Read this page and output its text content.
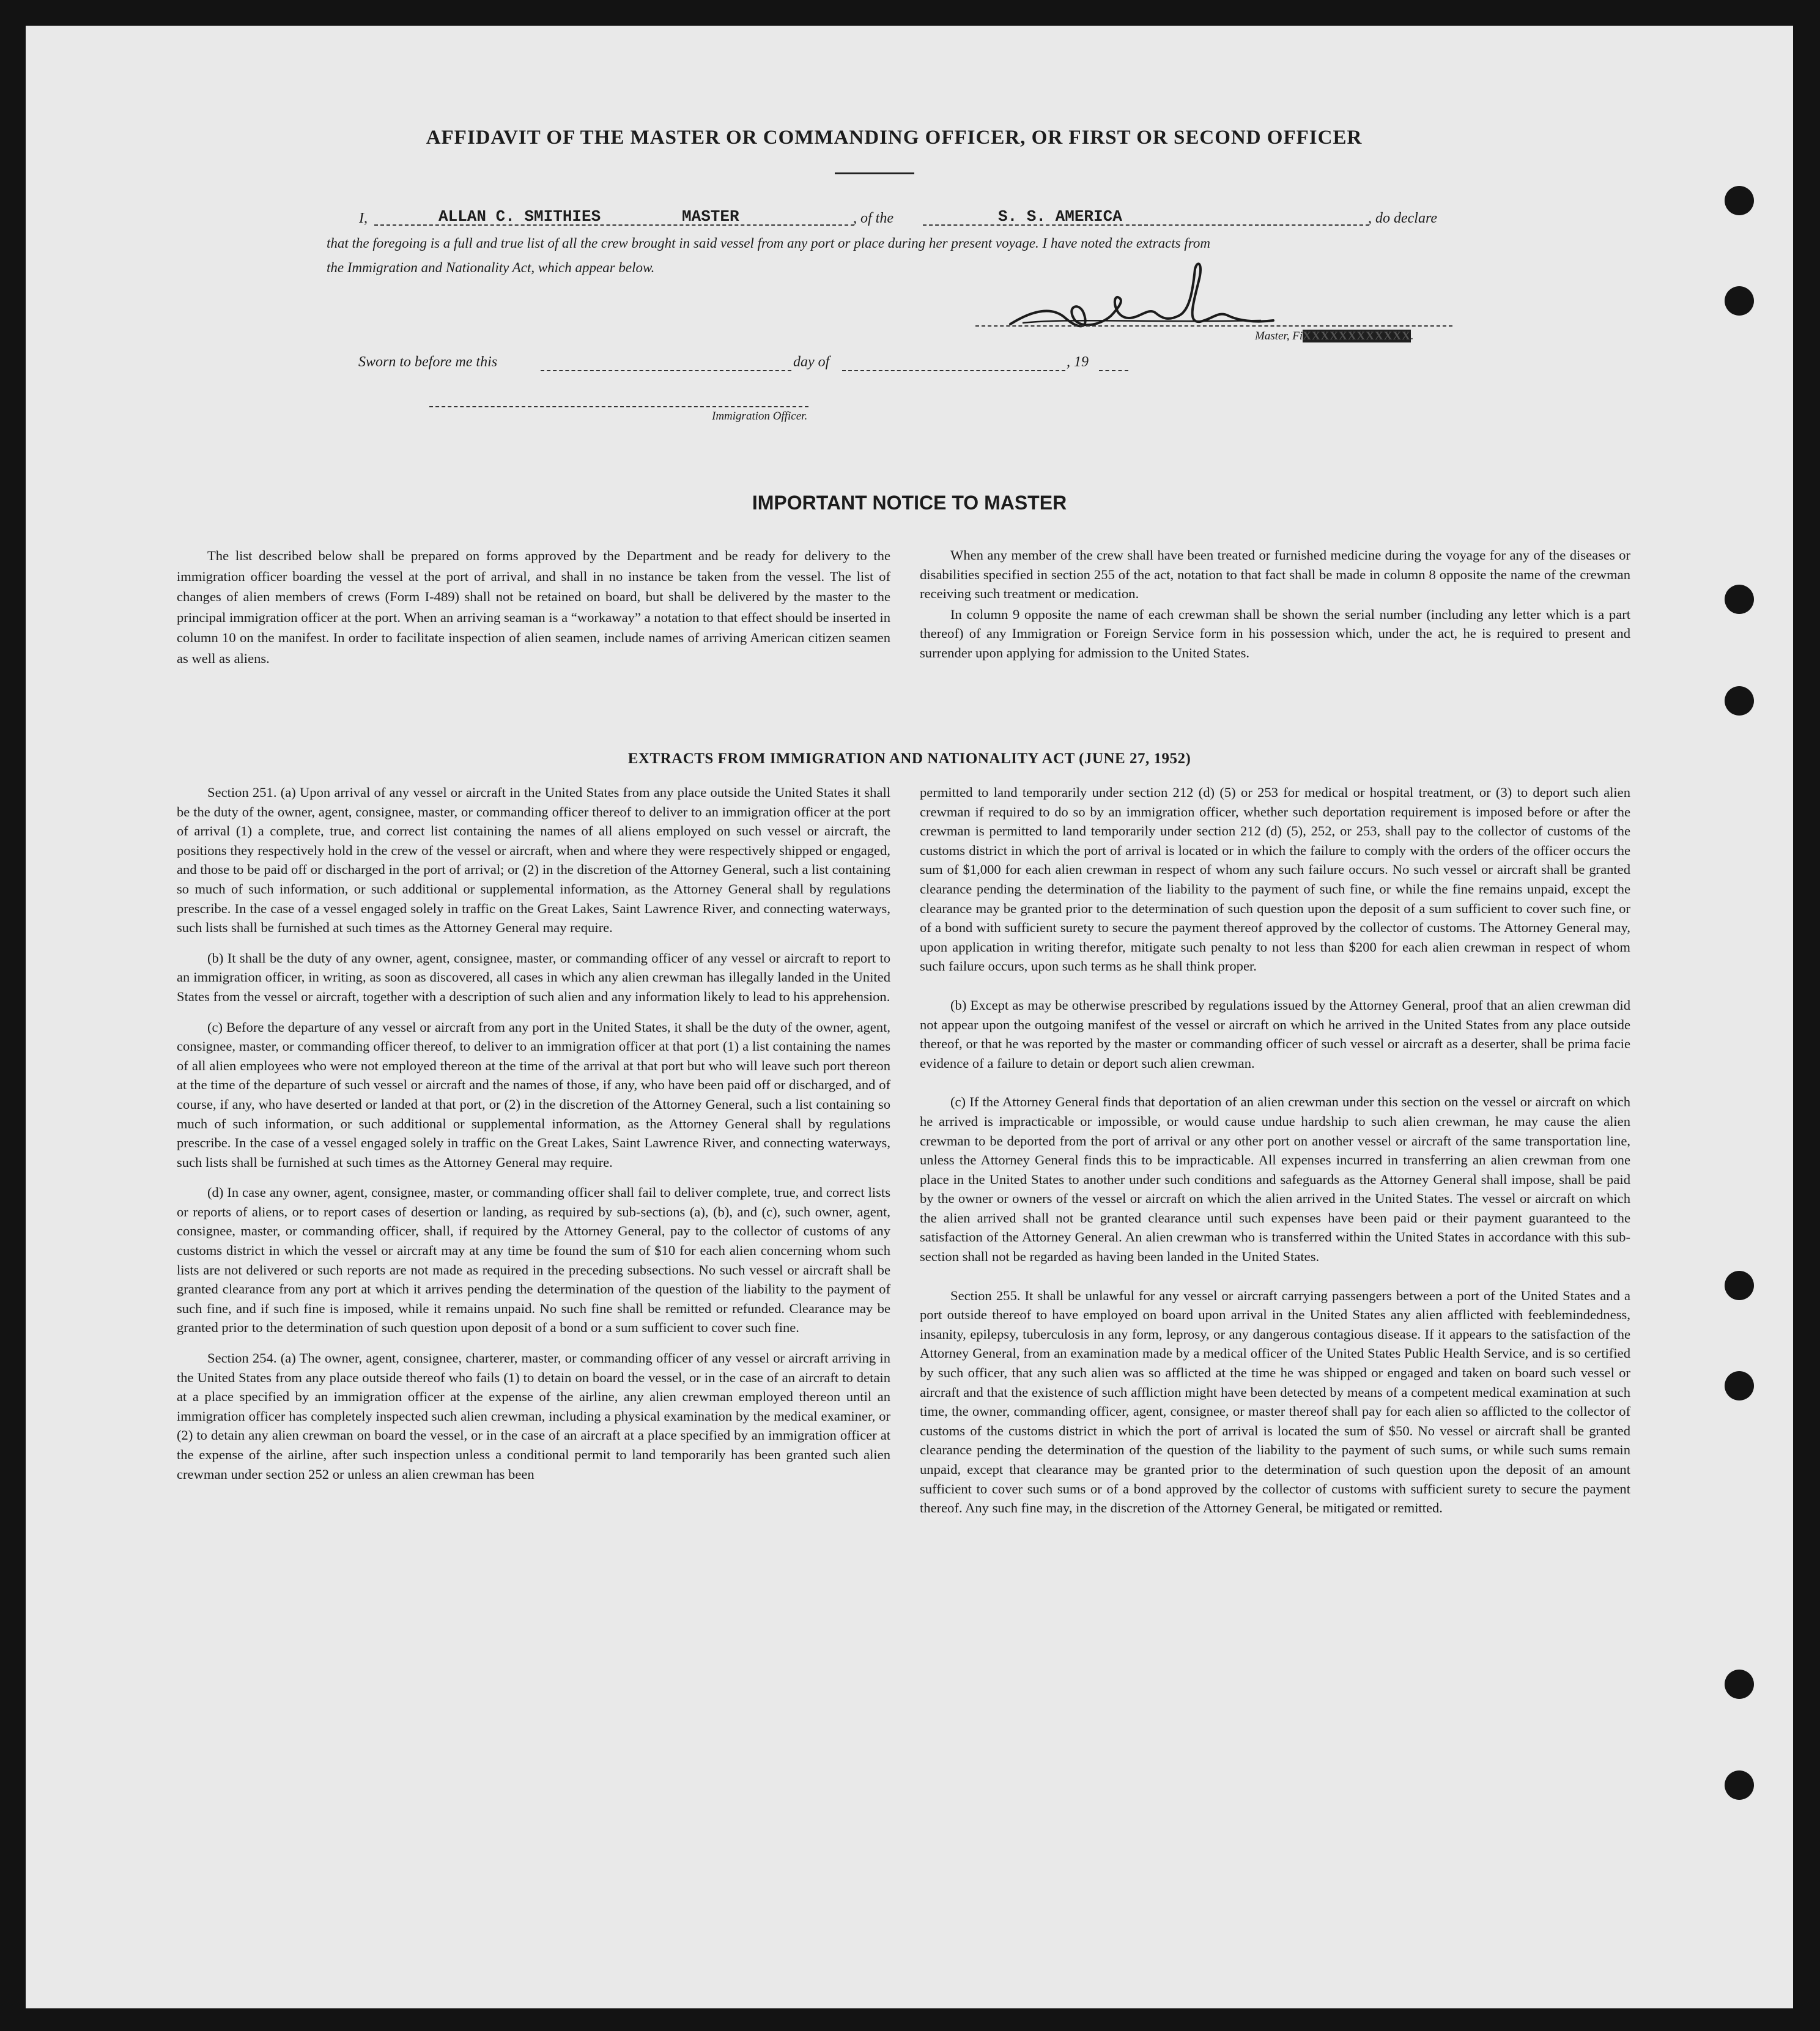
AFFIDAVIT OF THE MASTER OR COMMANDING OFFICER, OR FIRST OR SECOND OFFICER
I,	ALLAN C. SMITHIES	MASTER	, of the	S. S. AMERICA	, do declare
that the foregoing is a full and true list of all the crew brought in said vessel from any port or place during her present voyage. I have noted the extracts from
the Immigration and Nationality Act, which appear below.
Master, FiXXXXXXXXXXXX.
Sworn to before me this	day of	, 19
Immigration Officer.
IMPORTANT NOTICE TO MASTER

The list described below shall be prepared on forms approved by the Department and be ready for delivery to the immigration officer boarding the vessel at the port of arrival, and shall in no instance be taken from the vessel. The list of changes of alien members of crews (Form I-489) shall not be retained on board, but shall be delivered by the master to the principal immigration officer at the port. When an arriving seaman is a “workaway” a notation to that effect should be inserted in column 10 on the manifest. In order to facilitate inspection of alien seamen, include names of arriving American citizen seamen as well as aliens.

When any member of the crew shall have been treated or furnished medicine during the voyage for any of the diseases or disabilities specified in section 255 of the act, notation to that fact shall be made in column 8 opposite the name of the crewman receiving such treatment or medication.

In column 9 opposite the name of each crewman shall be shown the serial number (including any letter which is a part thereof) of any Immigration or Foreign Service form in his possession which, under the act, he is required to present and surrender upon applying for admission to the United States.

EXTRACTS FROM IMMIGRATION AND NATIONALITY ACT (JUNE 27, 1952)

Section 251. (a) Upon arrival of any vessel or aircraft in the United States from any place outside the United States it shall be the duty of the owner, agent, consignee, master, or commanding officer thereof to deliver to an immigration officer at the port of arrival (1) a complete, true, and correct list containing the names of all aliens employed on such vessel or aircraft, the positions they respectively hold in the crew of the vessel or aircraft, when and where they were respectively shipped or engaged, and those to be paid off or discharged in the port of arrival; or (2) in the discretion of the Attorney General, such a list containing so much of such information, or such additional or supplemental information, as the Attorney General shall by regulations prescribe. In the case of a vessel engaged solely in traffic on the Great Lakes, Saint Lawrence River, and connecting waterways, such lists shall be furnished at such times as the Attorney General may require.

(b) It shall be the duty of any owner, agent, consignee, master, or commanding officer of any vessel or aircraft to report to an immigration officer, in writing, as soon as discovered, all cases in which any alien crewman has illegally landed in the United States from the vessel or aircraft, together with a description of such alien and any information likely to lead to his apprehension.

(c) Before the departure of any vessel or aircraft from any port in the United States, it shall be the duty of the owner, agent, consignee, master, or commanding officer thereof, to deliver to an immigration officer at that port (1) a list containing the names of all alien employees who were not employed thereon at the time of the arrival at that port but who will leave such port thereon at the time of the departure of such vessel or aircraft and the names of those, if any, who have been paid off or discharged, and of course, if any, who have deserted or landed at that port, or (2) in the discretion of the Attorney General, such a list containing so much of such information, or such additional or supplemental information, as the Attorney General shall by regulations prescribe. In the case of a vessel engaged solely in traffic on the Great Lakes, Saint Lawrence River, and connecting waterways, such lists shall be furnished at such times as the Attorney General may require.

(d) In case any owner, agent, consignee, master, or commanding officer shall fail to deliver complete, true, and correct lists or reports of aliens, or to report cases of desertion or landing, as required by sub-sections (a), (b), and (c), such owner, agent, consignee, master, or commanding officer, shall, if required by the Attorney General, pay to the collector of customs of any customs district in which the vessel or aircraft may at any time be found the sum of $10 for each alien concerning whom such lists are not delivered or such reports are not made as required in the preceding subsections. No such vessel or aircraft shall be granted clearance from any port at which it arrives pending the determination of the question of the liability to the payment of such fine, and if such fine is imposed, while it remains unpaid. No such fine shall be remitted or refunded. Clearance may be granted prior to the determination of such question upon deposit of a bond or a sum sufficient to cover such fine.

Section 254. (a) The owner, agent, consignee, charterer, master, or commanding officer of any vessel or aircraft arriving in the United States from any place outside thereof who fails (1) to detain on board the vessel, or in the case of an aircraft to detain at a place specified by an immigration officer at the expense of the airline, any alien crewman employed thereon until an immigration officer has completely inspected such alien crewman, including a physical examination by the medical examiner, or (2) to detain any alien crewman on board the vessel, or in the case of an aircraft at a place specified by an immigration officer at the expense of the airline, after such inspection unless a conditional permit to land temporarily has been granted such alien crewman under section 252 or unless an alien crewman has been

permitted to land temporarily under section 212 (d) (5) or 253 for medical or hospital treatment, or (3) to deport such alien crewman if required to do so by an immigration officer, whether such deportation requirement is imposed before or after the crewman is permitted to land temporarily under section 212 (d) (5), 252, or 253, shall pay to the collector of customs of the customs district in which the port of arrival is located or in which the failure to comply with the orders of the officer occurs the sum of $1,000 for each alien crewman in respect of whom any such failure occurs. No such vessel or aircraft shall be granted clearance pending the determination of the liability to the payment of such fine, or while the fine remains unpaid, except the clearance may be granted prior to the determination of such question upon the deposit of a sum sufficient to cover such fine, or of a bond with sufficient surety to secure the payment thereof approved by the collector of customs. The Attorney General may, upon application in writing therefor, mitigate such penalty to not less than $200 for each alien crewman in respect of whom such failure occurs, upon such terms as he shall think proper.

(b) Except as may be otherwise prescribed by regulations issued by the Attorney General, proof that an alien crewman did not appear upon the outgoing manifest of the vessel or aircraft on which he arrived in the United States from any place outside thereof, or that he was reported by the master or commanding officer of such vessel or aircraft as a deserter, shall be prima facie evidence of a failure to detain or deport such alien crewman.

(c) If the Attorney General finds that deportation of an alien crewman under this section on the vessel or aircraft on which he arrived is impracticable or impossible, or would cause undue hardship to such alien crewman, he may cause the alien crewman to be deported from the port of arrival or any other port on another vessel or aircraft of the same transportation line, unless the Attorney General finds this to be impracticable. All expenses incurred in transferring an alien crewman from one place in the United States to another under such conditions and safeguards as the Attorney General shall impose, shall be paid by the owner or owners of the vessel or aircraft on which the alien arrived in the United States. The vessel or aircraft on which the alien arrived shall not be granted clearance until such expenses have been paid or their payment guaranteed to the satisfaction of the Attorney General. An alien crewman who is transferred within the United States in accordance with this sub-section shall not be regarded as having been landed in the United States.

Section 255. It shall be unlawful for any vessel or aircraft carrying passengers between a port of the United States and a port outside thereof to have employed on board upon arrival in the United States any alien afflicted with feeblemindedness, insanity, epilepsy, tuberculosis in any form, leprosy, or any dangerous contagious disease. If it appears to the satisfaction of the Attorney General, from an examination made by a medical officer of the United States Public Health Service, and is so certified by such officer, that any such alien was so afflicted at the time he was shipped or engaged and taken on board such vessel or aircraft and that the existence of such affliction might have been detected by means of a competent medical examination at such time, the owner, commanding officer, agent, consignee, or master thereof shall pay for each alien so afflicted to the collector of customs of the customs district in which the port of arrival is located the sum of $50. No vessel or aircraft shall be granted clearance pending the determination of the question of the liability to the payment of such sums, or while such sums remain unpaid, except that clearance may be granted prior to the determination of such question upon the deposit of an amount sufficient to cover such sums or of a bond approved by the collector of customs with sufficient surety to secure the payment thereof. Any such fine may, in the discretion of the Attorney General, be mitigated or remitted.
